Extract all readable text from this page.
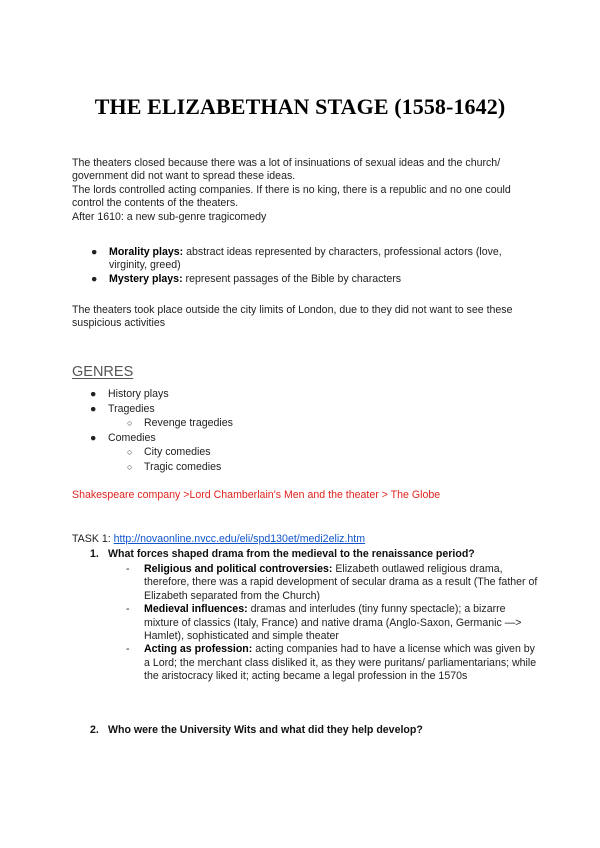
THE ELIZABETHAN STAGE (1558-1642)

The theaters closed because there was a lot of insinuations of sexual ideas and the church/ government did not want to spread these ideas.

The lords controlled acting companies. If there is no king, there is a republic and no one could control the contents of the theaters.

After 1610: a new sub-genre tragicomedy

● Morality plays: abstract ideas represented by characters, professional actors (love, virginity, greed)
● Mystery plays: represent passages of the Bible by characters
The theaters took place outside the city limits of London, due to they did not want to see these suspicious activities
GENRES
● History plays
● Tragedies
○ Revenge tragedies
● Comedies
○ City comedies
○ Tragic comedies
Shakespeare company >Lord Chamberlain's Men and the theater > The Globe
TASK 1: http://novaonline.nvcc.edu/eli/spd130et/medi2eliz.htm
1. What forces shaped drama from the medieval to the renaissance period?
- Religious and political controversies: Elizabeth outlawed religious drama, therefore, there was a rapid development of secular drama as a result (The father of Elizabeth separated from the Church)
- Medieval influences: dramas and interludes (tiny funny spectacle); a bizarre mixture of classics (Italy, France) and native drama (Anglo-Saxon, Germanic —> Hamlet), sophisticated and simple theater
- Acting as profession: acting companies had to have a license which was given by a Lord; the merchant class disliked it, as they were puritans/ parliamentarians; while the aristocracy liked it; acting became a legal profession in the 1570s
2. Who were the University Wits and what did they help develop?
